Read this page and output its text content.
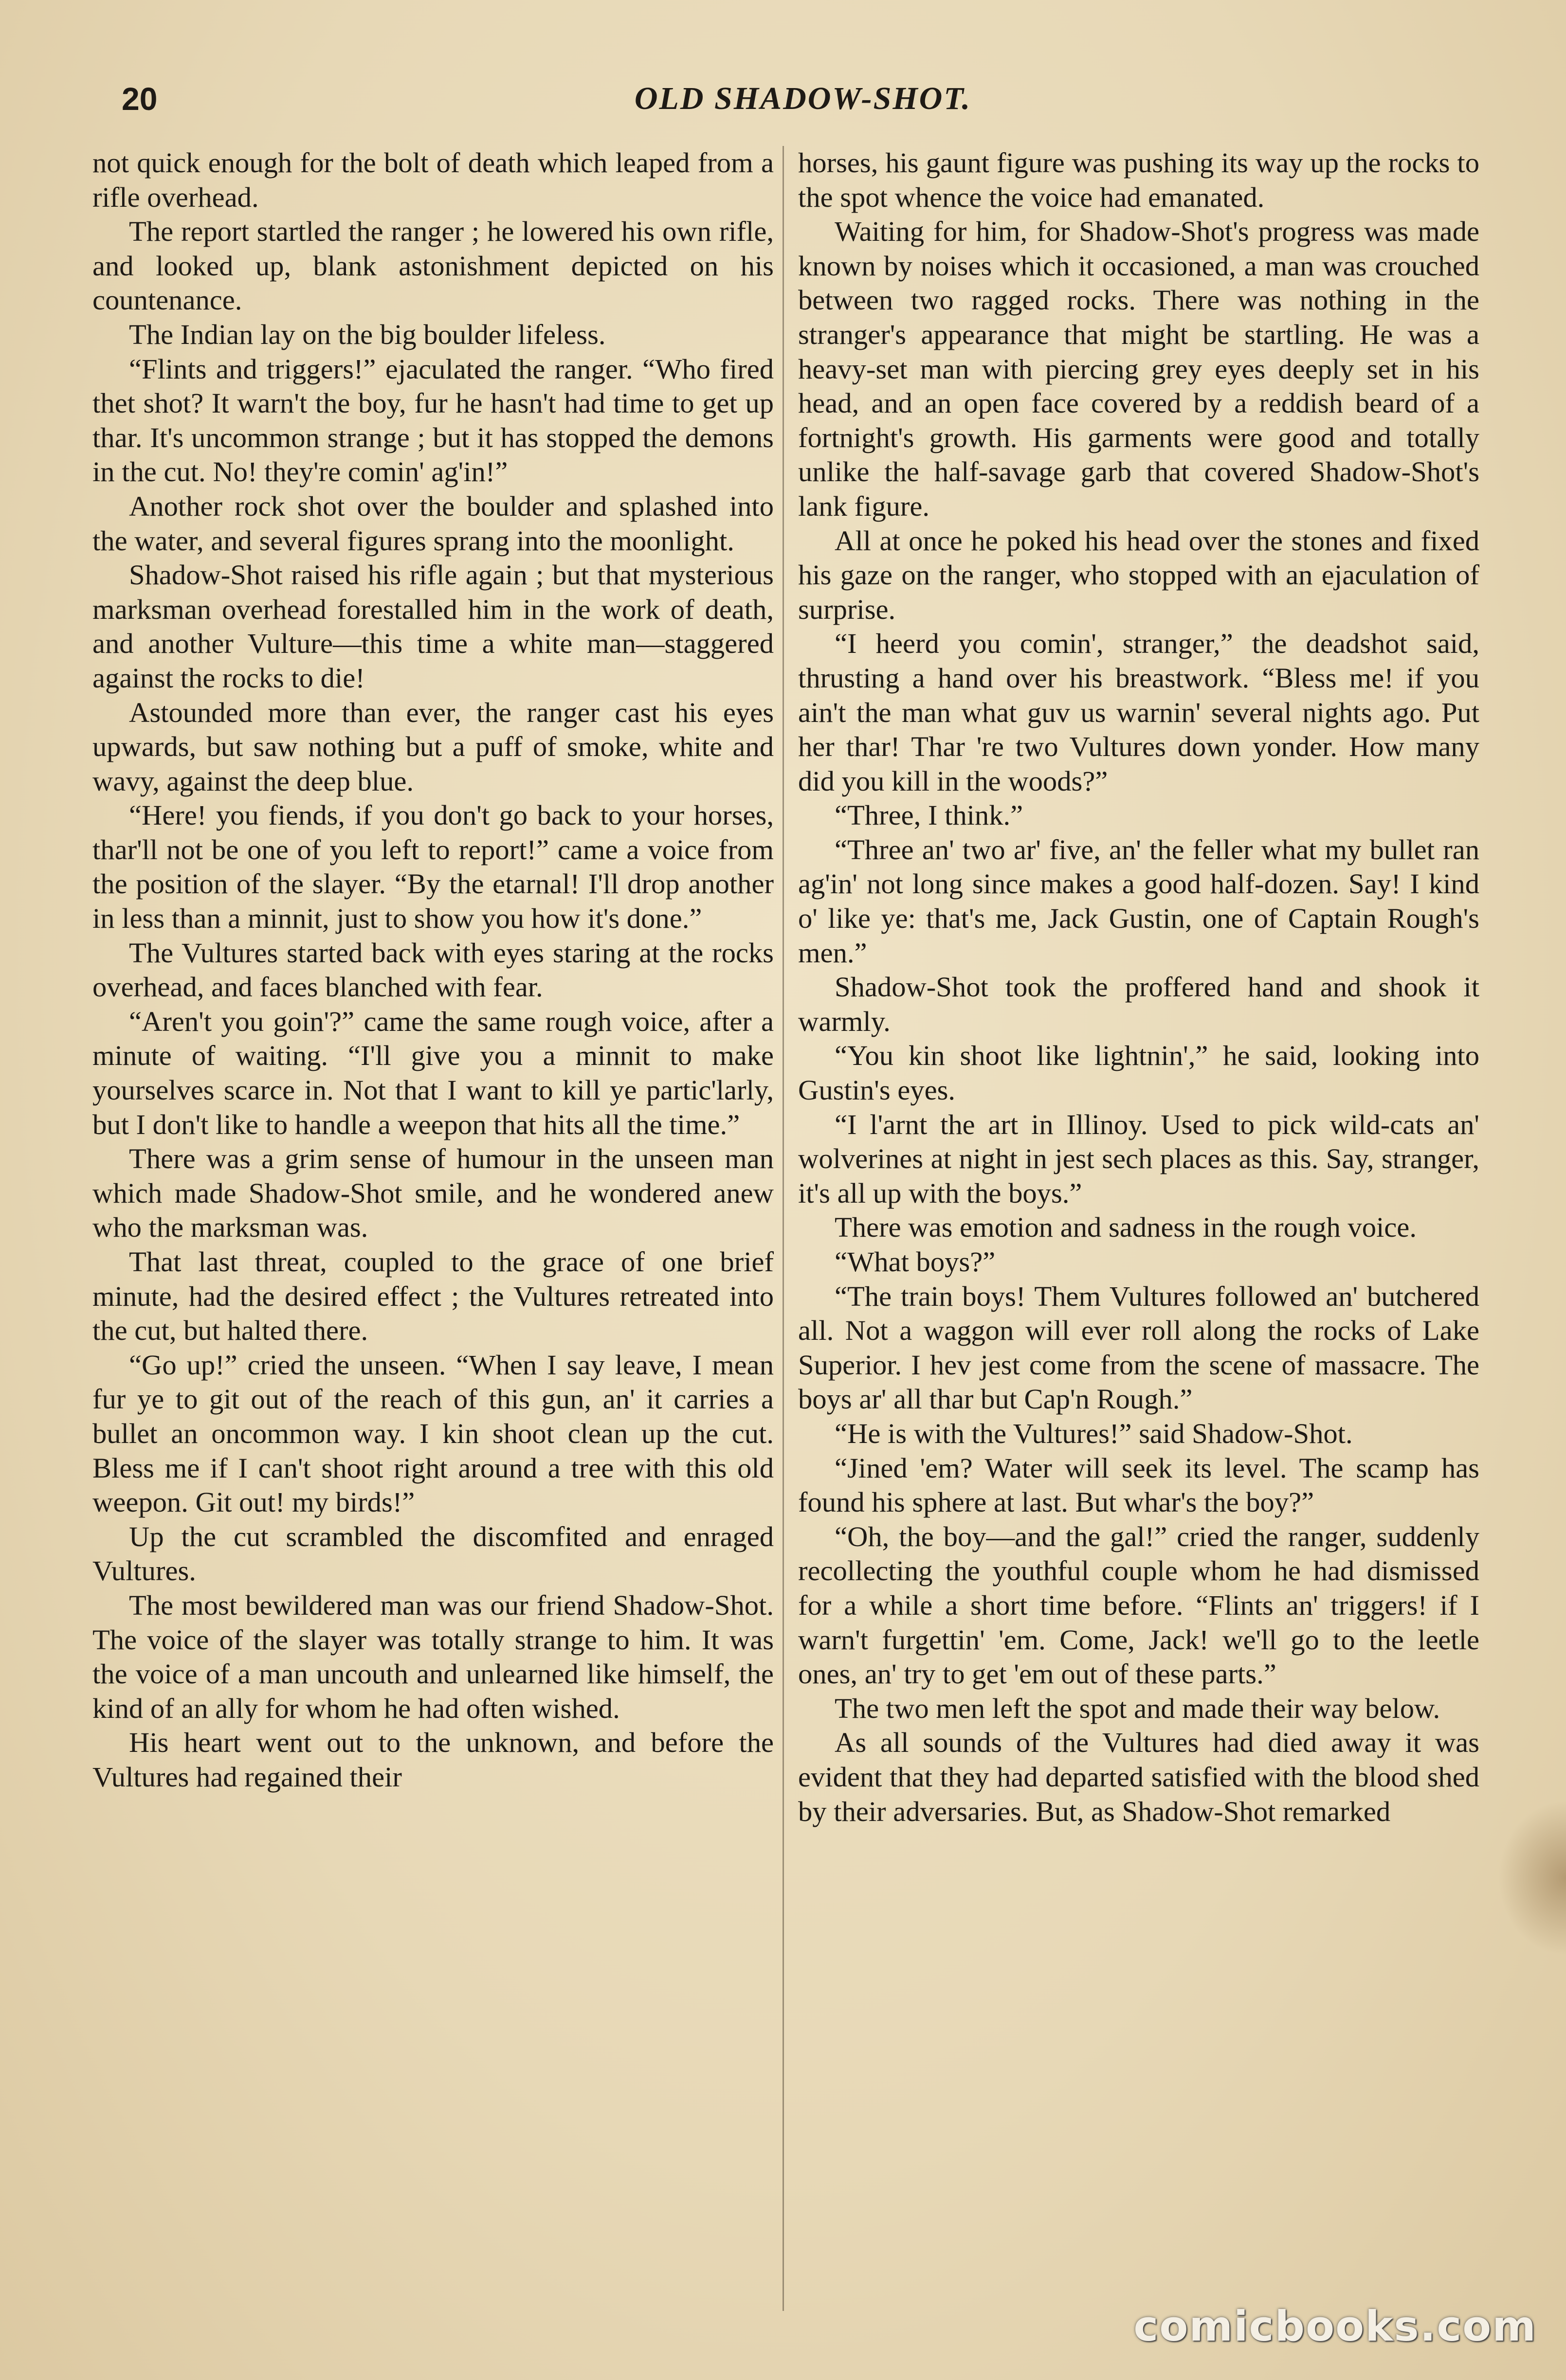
20	OLD SHADOW-SHOT.

not quick enough for the bolt of death which leaped from a rifle overhead.

The report startled the ranger ; he lowered his own rifle, and looked up, blank astonishment depicted on his countenance.

The Indian lay on the big boulder lifeless.

“Flints and triggers!” ejaculated the ranger. “Who fired thet shot? It warn't the boy, fur he hasn't had time to get up thar. It's uncommon strange ; but it has stopped the demons in the cut. No! they're comin' ag'in!”

Another rock shot over the boulder and splashed into the water, and several figures sprang into the moonlight.

Shadow-Shot raised his rifle again ; but that mysterious marksman overhead forestalled him in the work of death, and another Vulture—this time a white man—staggered against the rocks to die!

Astounded more than ever, the ranger cast his eyes upwards, but saw nothing but a puff of smoke, white and wavy, against the deep blue.

“Here! you fiends, if you don't go back to your horses, thar'll not be one of you left to report!” came a voice from the position of the slayer. “By the etarnal! I'll drop another in less than a minnit, just to show you how it's done.”

The Vultures started back with eyes staring at the rocks overhead, and faces blanched with fear.

“Aren't you goin'?” came the same rough voice, after a minute of waiting. “I'll give you a minnit to make yourselves scarce in. Not that I want to kill ye partic'larly, but I don't like to handle a weepon that hits all the time.”

There was a grim sense of humour in the unseen man which made Shadow-Shot smile, and he wondered anew who the marksman was.

That last threat, coupled to the grace of one brief minute, had the desired effect ; the Vultures retreated into the cut, but halted there.

“Go up!” cried the unseen. “When I say leave, I mean fur ye to git out of the reach of this gun, an' it carries a bullet an oncommon way. I kin shoot clean up the cut. Bless me if I can't shoot right around a tree with this old weepon. Git out! my birds!”

Up the cut scrambled the discomfited and enraged Vultures.

The most bewildered man was our friend Shadow-Shot. The voice of the slayer was totally strange to him. It was the voice of a man uncouth and unlearned like himself, the kind of an ally for whom he had often wished.

His heart went out to the unknown, and before the Vultures had regained their

horses, his gaunt figure was pushing its way up the rocks to the spot whence the voice had emanated.

Waiting for him, for Shadow-Shot's progress was made known by noises which it occasioned, a man was crouched between two ragged rocks. There was nothing in the stranger's appearance that might be startling. He was a heavy-set man with piercing grey eyes deeply set in his head, and an open face covered by a reddish beard of a fortnight's growth. His garments were good and totally unlike the half-savage garb that covered Shadow-Shot's lank figure.

All at once he poked his head over the stones and fixed his gaze on the ranger, who stopped with an ejaculation of surprise.

“I heerd you comin', stranger,” the deadshot said, thrusting a hand over his breastwork. “Bless me! if you ain't the man what guv us warnin' several nights ago. Put her thar! Thar 're two Vultures down yonder. How many did you kill in the woods?”

“Three, I think.”

“Three an' two ar' five, an' the feller what my bullet ran ag'in' not long since makes a good half-dozen. Say! I kind o' like ye: that's me, Jack Gustin, one of Captain Rough's men.”

Shadow-Shot took the proffered hand and shook it warmly.

“You kin shoot like lightnin',” he said, looking into Gustin's eyes.

“I l'arnt the art in Illinoy. Used to pick wild-cats an' wolverines at night in jest sech places as this. Say, stranger, it's all up with the boys.”

There was emotion and sadness in the rough voice.

“What boys?”

“The train boys! Them Vultures followed an' butchered all. Not a waggon will ever roll along the rocks of Lake Superior. I hev jest come from the scene of massacre. The boys ar' all thar but Cap'n Rough.”

“He is with the Vultures!” said Shadow-Shot.

“Jined 'em? Water will seek its level. The scamp has found his sphere at last. But whar's the boy?”

“Oh, the boy—and the gal!” cried the ranger, suddenly recollecting the youthful couple whom he had dismissed for a while a short time before. “Flints an' triggers! if I warn't furgettin' 'em. Come, Jack! we'll go to the leetle ones, an' try to get 'em out of these parts.”

The two men left the spot and made their way below.

As all sounds of the Vultures had died away it was evident that they had departed satisfied with the blood shed by their adversaries. But, as Shadow-Shot remarked

comicbooks.com
